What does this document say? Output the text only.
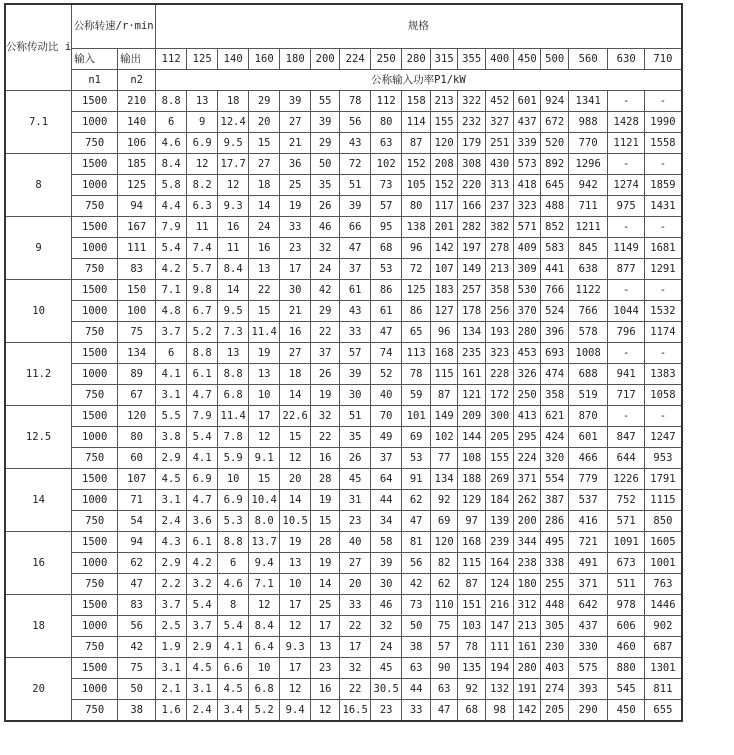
公称传动比 i	公称转速/r·min		规格																
	输入	输出	112	125	140	160	180	200	224	250	280	315	355	400	450	500	560	630	710
	n1	n2	公称输入功率P1/kW																
7.1	1500	210	8.8	13	18	29	39	55	78	112	158	213	322	452	601	924	1341	-	-
	1000	140	6	9	12.4	20	27	39	56	80	114	155	232	327	437	672	988	1428	1990
	750	106	4.6	6.9	9.5	15	21	29	43	63	87	120	179	251	339	520	770	1121	1558
8	1500	185	8.4	12	17.7	27	36	50	72	102	152	208	308	430	573	892	1296	-	-
	1000	125	5.8	8.2	12	18	25	35	51	73	105	152	220	313	418	645	942	1274	1859
	750	94	4.4	6.3	9.3	14	19	26	39	57	80	117	166	237	323	488	711	975	1431
9	1500	167	7.9	11	16	24	33	46	66	95	138	201	282	382	571	852	1211	-	-
	1000	111	5.4	7.4	11	16	23	32	47	68	96	142	197	278	409	583	845	1149	1681
	750	83	4.2	5.7	8.4	13	17	24	37	53	72	107	149	213	309	441	638	877	1291
10	1500	150	7.1	9.8	14	22	30	42	61	86	125	183	257	358	530	766	1122	-	-
	1000	100	4.8	6.7	9.5	15	21	29	43	61	86	127	178	256	370	524	766	1044	1532
	750	75	3.7	5.2	7.3	11.4	16	22	33	47	65	96	134	193	280	396	578	796	1174
11.2	1500	134	6	8.8	13	19	27	37	57	74	113	168	235	323	453	693	1008	-	-
	1000	89	4.1	6.1	8.8	13	18	26	39	52	78	115	161	228	326	474	688	941	1383
	750	67	3.1	4.7	6.8	10	14	19	30	40	59	87	121	172	250	358	519	717	1058
12.5	1500	120	5.5	7.9	11.4	17	22.6	32	51	70	101	149	209	300	413	621	870	-	-
	1000	80	3.8	5.4	7.8	12	15	22	35	49	69	102	144	205	295	424	601	847	1247
	750	60	2.9	4.1	5.9	9.1	12	16	26	37	53	77	108	155	224	320	466	644	953
14	1500	107	4.5	6.9	10	15	20	28	45	64	91	134	188	269	371	554	779	1226	1791
	1000	71	3.1	4.7	6.9	10.4	14	19	31	44	62	92	129	184	262	387	537	752	1115
	750	54	2.4	3.6	5.3	8.0	10.5	15	23	34	47	69	97	139	200	286	416	571	850
16	1500	94	4.3	6.1	8.8	13.7	19	28	40	58	81	120	168	239	344	495	721	1091	1605
	1000	62	2.9	4.2	6	9.4	13	19	27	39	56	82	115	164	238	338	491	673	1001
	750	47	2.2	3.2	4.6	7.1	10	14	20	30	42	62	87	124	180	255	371	511	763
18	1500	83	3.7	5.4	8	12	17	25	33	46	73	110	151	216	312	448	642	978	1446
	1000	56	2.5	3.7	5.4	8.4	12	17	22	32	50	75	103	147	213	305	437	606	902
	750	42	1.9	2.9	4.1	6.4	9.3	13	17	24	38	57	78	111	161	230	330	460	687
20	1500	75	3.1	4.5	6.6	10	17	23	32	45	63	90	135	194	280	403	575	880	1301
	1000	50	2.1	3.1	4.5	6.8	12	16	22	30.5	44	63	92	132	191	274	393	545	811
	750	38	1.6	2.4	3.4	5.2	9.4	12	16.5	23	33	47	68	98	142	205	290	450	655
